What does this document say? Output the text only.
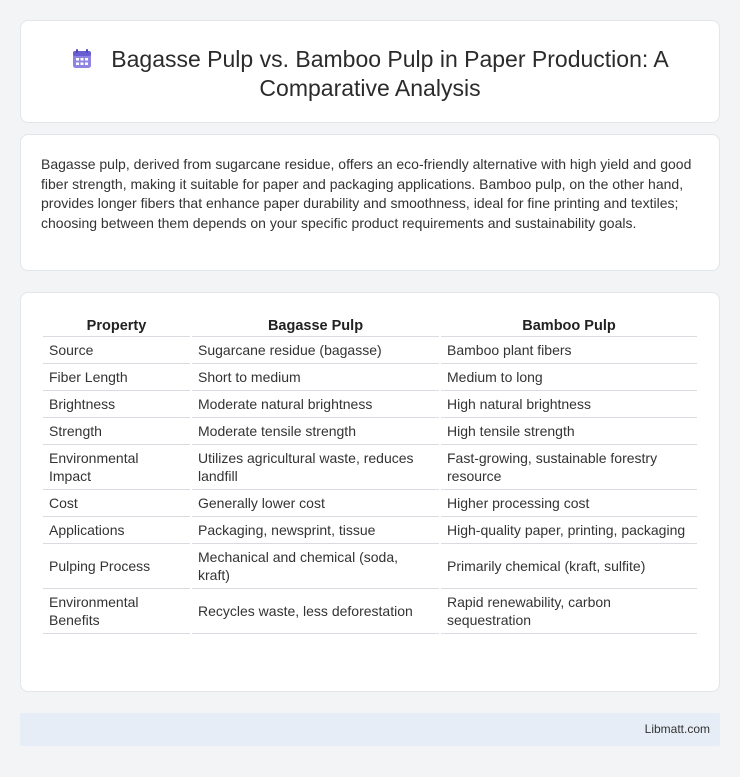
Bagasse Pulp vs. Bamboo Pulp in Paper Production: A
Comparative Analysis

Bagasse pulp, derived from sugarcane residue, offers an eco-friendly alternative with high yield and good fiber strength, making it suitable for paper and packaging applications. Bamboo pulp, on the other hand, provides longer fibers that enhance paper durability and smoothness, ideal for fine printing and textiles; choosing between them depends on your specific product requirements and sustainability goals.

Property	Bagasse Pulp	Bamboo Pulp
Source	Sugarcane residue (bagasse)	Bamboo plant fibers
Fiber Length	Short to medium	Medium to long
Brightness	Moderate natural brightness	High natural brightness
Strength	Moderate tensile strength	High tensile strength
Environmental Impact	Utilizes agricultural waste, reduces landfill	Fast-growing, sustainable forestry resource
Cost	Generally lower cost	Higher processing cost
Applications	Packaging, newsprint, tissue	High-quality paper, printing, packaging
Pulping Process	Mechanical and chemical (soda, kraft)	Primarily chemical (kraft, sulfite)
Environmental Benefits	Recycles waste, less deforestation	Rapid renewability, carbon sequestration
Libmatt.com
